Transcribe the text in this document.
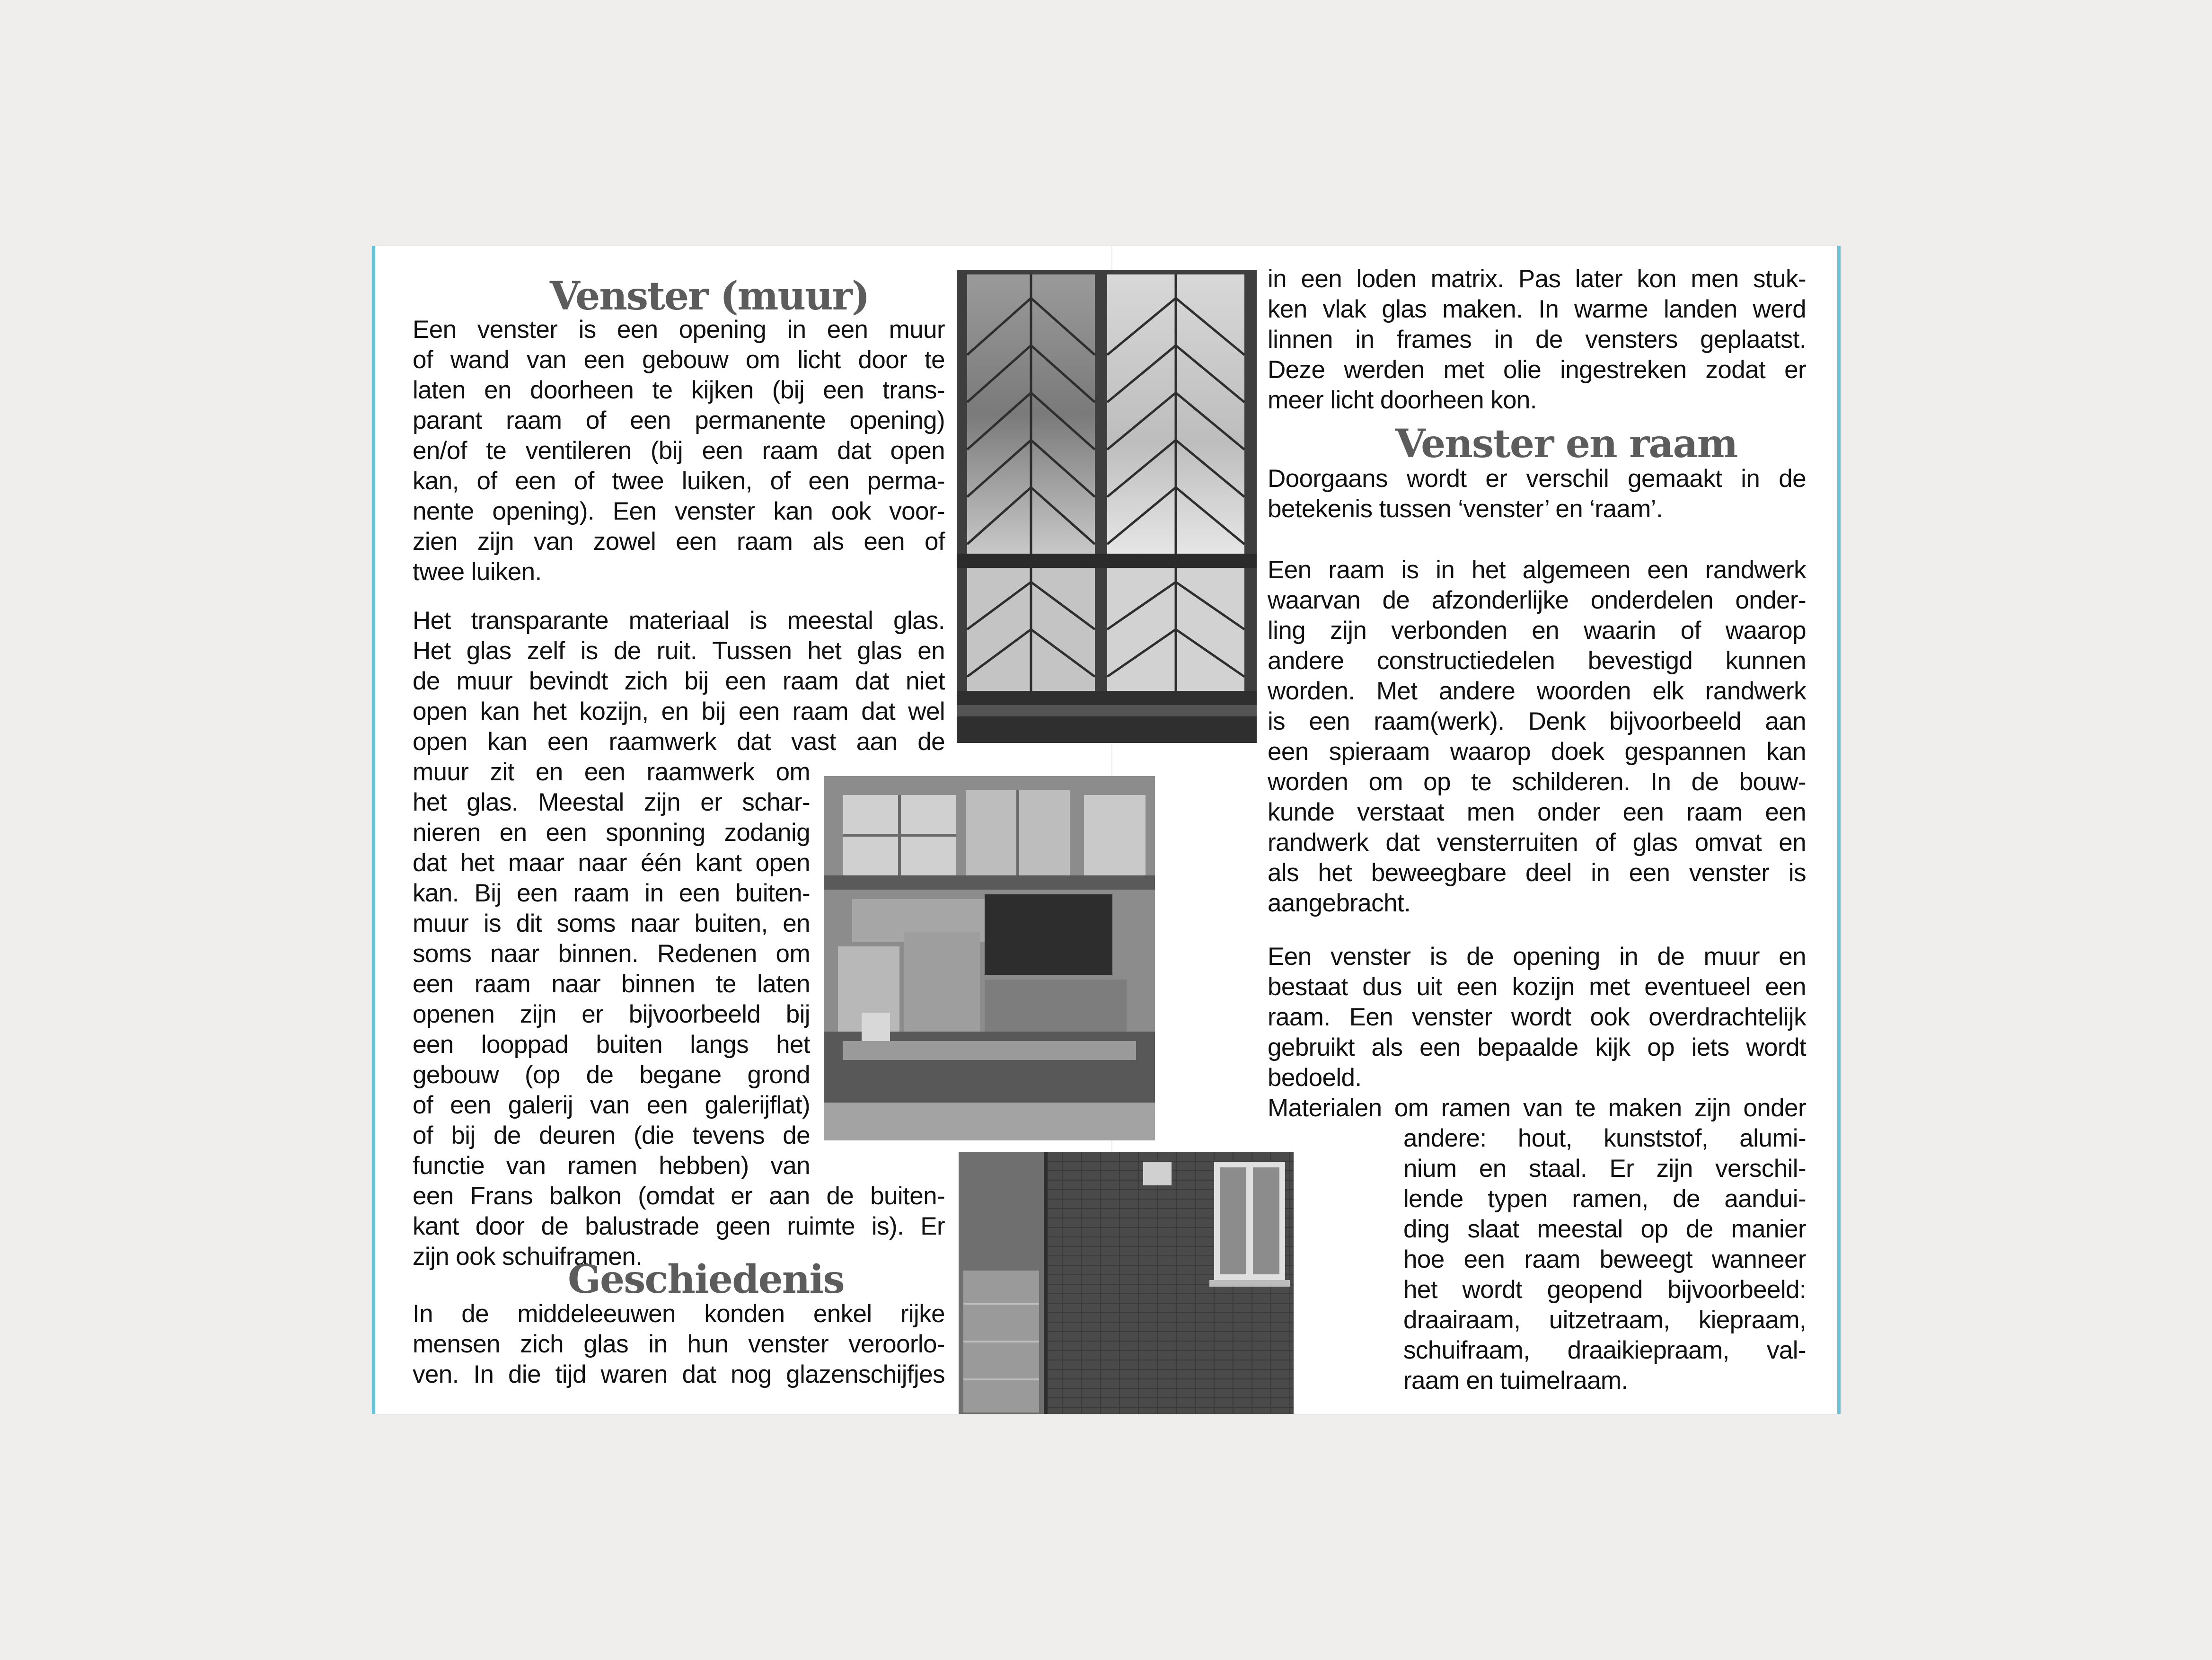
Venster (muur)
Een venster is een opening in een muur
of wand van een gebouw om licht door te
laten en doorheen te kijken (bij een trans-
parant raam of een permanente opening)
en/of te ventileren (bij een raam dat open
kan, of een of twee luiken, of een perma-
nente opening). Een venster kan ook voor-
zien zijn van zowel een raam als een of
twee luiken.
Het transparante materiaal is meestal glas.
Het glas zelf is de ruit. Tussen het glas en
de muur bevindt zich bij een raam dat niet
open kan het kozijn, en bij een raam dat wel
open kan een raamwerk dat vast aan de
muur zit en een raamwerk om
het glas. Meestal zijn er schar-
nieren en een sponning zodanig
dat het maar naar één kant open
kan. Bij een raam in een buiten-
muur is dit soms naar buiten, en
soms naar binnen. Redenen om
een raam naar binnen te laten
openen zijn er bijvoorbeeld bij
een looppad buiten langs het
gebouw (op de begane grond
of een galerij van een galerijflat)
of bij de deuren (die tevens de
functie van ramen hebben) van
een Frans balkon (omdat er aan de buiten-
kant door de balustrade geen ruimte is). Er
zijn ook schuiframen.
Geschiedenis
In de middeleeuwen konden enkel rijke
mensen zich glas in hun venster veroorlo-
ven. In die tijd waren dat nog glazenschijfjes
in een loden matrix. Pas later kon men stuk-
ken vlak glas maken. In warme landen werd
linnen in frames in de vensters geplaatst.
Deze werden met olie ingestreken zodat er
meer licht doorheen kon.
Venster en raam
Doorgaans wordt er verschil gemaakt in de
betekenis tussen ‘venster’ en ‘raam’.
Een raam is in het algemeen een randwerk
waarvan de afzonderlijke onderdelen onder-
ling zijn verbonden en waarin of waarop
andere constructiedelen bevestigd kunnen
worden. Met andere woorden elk randwerk
is een raam(werk). Denk bijvoorbeeld aan
een spieraam waarop doek gespannen kan
worden om op te schilderen. In de bouw-
kunde verstaat men onder een raam een
randwerk dat vensterruiten of glas omvat en
als het beweegbare deel in een venster is
aangebracht.
Een venster is de opening in de muur en
bestaat dus uit een kozijn met eventueel een
raam. Een venster wordt ook overdrachtelijk
gebruikt als een bepaalde kijk op iets wordt
bedoeld.
Materialen om ramen van te maken zijn onder
andere: hout, kunststof, alumi-
nium en staal. Er zijn verschil-
lende typen ramen, de aandui-
ding slaat meestal op de manier
hoe een raam beweegt wanneer
het wordt geopend bijvoorbeeld:
draairaam, uitzetraam, kiepraam,
schuifraam, draaikiepraam, val-
raam en tuimelraam.
